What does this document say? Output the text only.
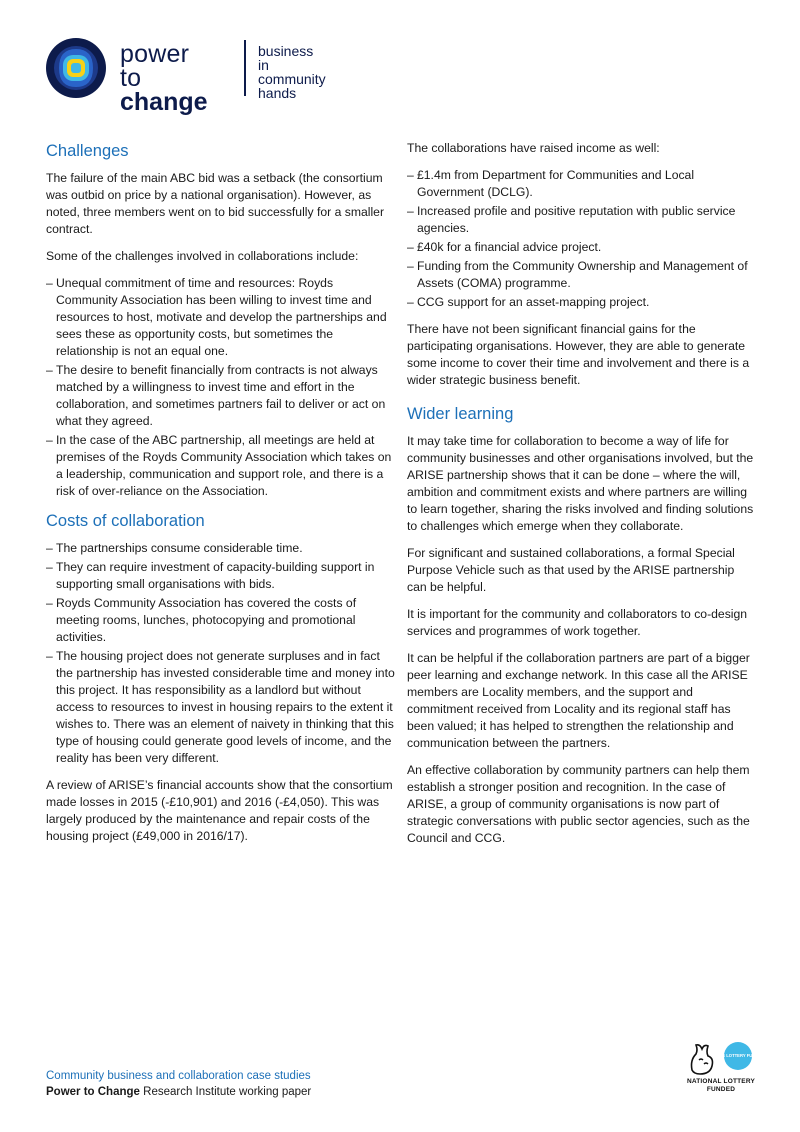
power to
change
business in
community
hands
Challenges

The failure of the main ABC bid was a setback (the consortium was outbid on price by a national organisation). However, as noted, three members went on to bid successfully for a smaller contract.

Some of the challenges involved in collaborations include:

– Unequal commitment of time and resources: Royds Community Association has been willing to invest time and resources to host, motivate and develop the partnerships and sees these as opportunity costs, but sometimes the relationship is not an equal one.
– The desire to benefit financially from contracts is not always matched by a willingness to invest time and effort in the collaboration, and sometimes partners fail to deliver or act on what they agreed.
– In the case of the ABC partnership, all meetings are held at premises of the Royds Community Association which takes on a leadership, communication and support role, and there is a risk of over-reliance on the Association.
Costs of collaboration
– The partnerships consume considerable time.
– They can require investment of capacity-building support in supporting small organisations with bids.
– Royds Community Association has covered the costs of meeting rooms, lunches, photocopying and promotional activities.
– The housing project does not generate surpluses and in fact the partnership has invested considerable time and money into this project. It has responsibility as a landlord but without access to resources to invest in housing repairs to the extent it wishes to. There was an element of naivety in thinking that this type of housing could generate good levels of income, and the reality has been very different.

A review of ARISE’s financial accounts show that the consortium made losses in 2015 (-£10,901) and 2016 (-£4,050). This was largely produced by the maintenance and repair costs of the housing project (£49,000 in 2016/17).

The collaborations have raised income as well:

– £1.4m from Department for Communities and Local Government (DCLG).
– Increased profile and positive reputation with public service agencies.
– £40k for a financial advice project.
– Funding from the Community Ownership and Management of Assets (COMA) programme.
– CCG support for an asset-mapping project.

There have not been significant financial gains for the participating organisations. However, they are able to generate some income to cover their time and involvement and there is a wider strategic business benefit.

Wider learning

It may take time for collaboration to become a way of life for community businesses and other organisations involved, but the ARISE partnership shows that it can be done – where the will, ambition and commitment exists and where partners are willing to learn together, sharing the risks involved and finding solutions to challenges which emerge when they collaborate.

For significant and sustained collaborations, a formal Special Purpose Vehicle such as that used by the ARISE partnership can be helpful.

It is important for the community and collaborators to co-design services and programmes of work together.

It can be helpful if the collaboration partners are part of a bigger peer learning and exchange network. In this case all the ARISE members are Locality members, and the support and commitment received from Locality and its regional staff has been valued; it has helped to strengthen the relationship and communication between the partners.

An effective collaboration by community partners can help them establish a stronger position and recognition. In the case of ARISE, a group of community organisations is now part of strategic conversations with public sector agencies, such as the Council and CCG.

Community business and collaboration case studies
Power to Change Research Institute working paper
BIG LOTTERY FUND
NATIONAL LOTTERY FUNDED
